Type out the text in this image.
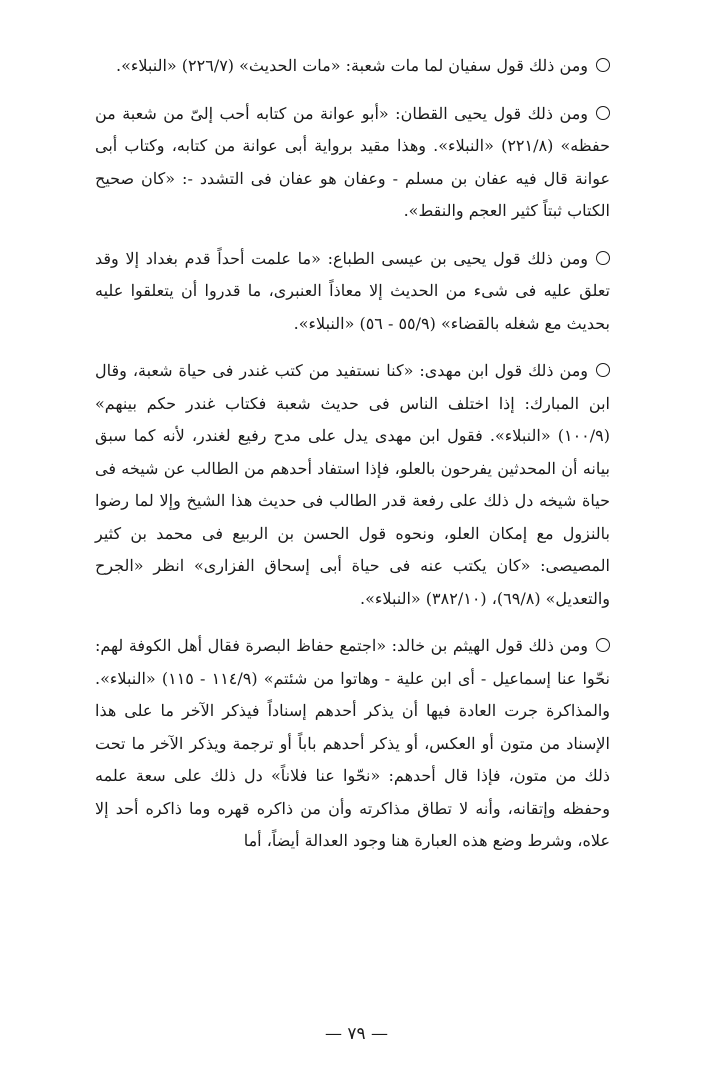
ومن ذلك قول سفيان لما مات شعبة: «مات الحديث» (٢٢٦/٧) «النبلاء».

ومن ذلك قول يحيى القطان: «أبو عوانة من كتابه أحب إلىّ من شعبة من حفظه» (٢٢١/٨) «النبلاء». وهذا مقيد برواية أبى عوانة من كتابه، وكتاب أبى عوانة قال فيه عفان بن مسلم - وعفان هو عفان فى التشدد -: «كان صحيح الكتاب ثبتاً كثير العجم والنقط».

ومن ذلك قول يحيى بن عيسى الطباع: «ما علمت أحداً قدم بغداد إلا وقد تعلق عليه فى شىء من الحديث إلا معاذاً العنبرى، ما قدروا أن يتعلقوا عليه بحديث مع شغله بالقضاء» (٥٥/٩ - ٥٦) «النبلاء».

ومن ذلك قول ابن مهدى: «كنا نستفيد من كتب غندر فى حياة شعبة، وقال ابن المبارك: إذا اختلف الناس فى حديث شعبة فكتاب غندر حكم بينهم» (١٠٠/٩) «النبلاء». فقول ابن مهدى يدل على مدح رفيع لغندر، لأنه كما سبق بيانه أن المحدثين يفرحون بالعلو، فإذا استفاد أحدهم من الطالب عن شيخه فى حياة شيخه دل ذلك على رفعة قدر الطالب فى حديث هذا الشيخ وإلا لما رضوا بالنزول مع إمكان العلو، ونحوه قول الحسن بن الربيع فى محمد بن كثير المصيصى: «كان يكتب عنه فى حياة أبى إسحاق الفزارى» انظر «الجرح والتعديل» (٦٩/٨)، (٣٨٢/١٠) «النبلاء».

ومن ذلك قول الهيثم بن خالد: «اجتمع حفاظ البصرة فقال أهل الكوفة لهم: نحّوا عنا إسماعيل - أى ابن علية - وهاتوا من شئتم» (١١٤/٩ - ١١٥) «النبلاء». والمذاكرة جرت العادة فيها أن يذكر أحدهم إسناداً فيذكر الآخر ما على هذا الإسناد من متون أو العكس، أو يذكر أحدهم باباً أو ترجمة ويذكر الآخر ما تحت ذلك من متون، فإذا قال أحدهم: «نحّوا عنا فلاناً» دل ذلك على سعة علمه وحفظه وإتقانه، وأنه لا تطاق مذاكرته وأن من ذاكره قهره وما ذاكره أحد إلا علاه، وشرط وضع هذه العبارة هنا وجود العدالة أيضاً، أما

— ٧٩ —
